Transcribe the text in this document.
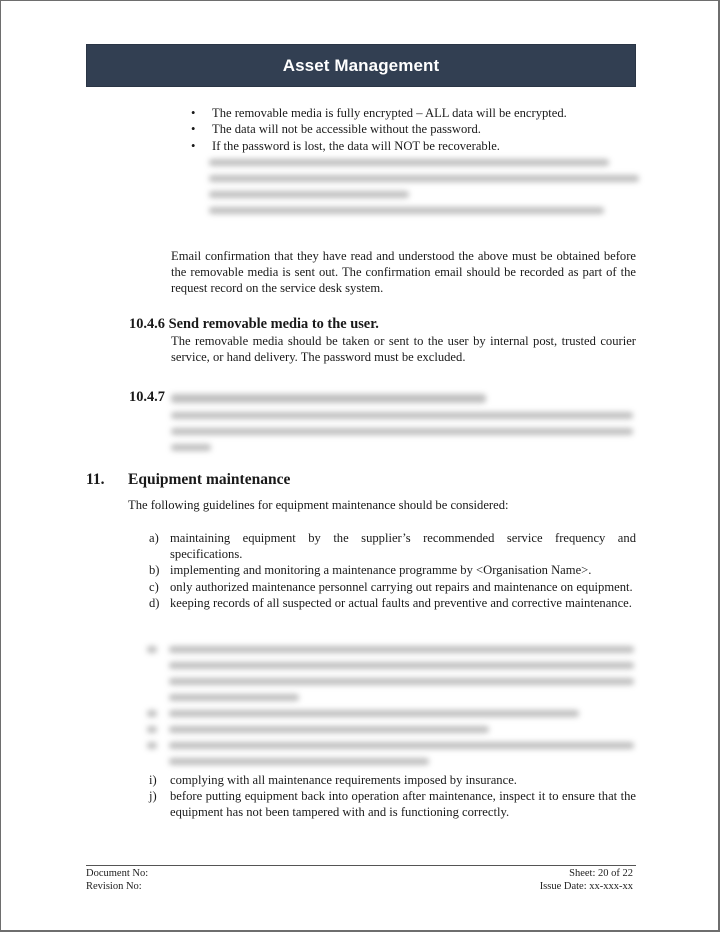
Asset Management
• The removable media is fully encrypted – ALL data will be encrypted.
• The data will not be accessible without the password.
• If the password is lost, the data will NOT be recoverable.
Email confirmation that they have read and understood the above must be obtained before the removable media is sent out. The confirmation email should be recorded as part of the request record on the service desk system.
10.4.6 Send removable media to the user.
The removable media should be taken or sent to the user by internal post, trusted courier service, or hand delivery. The password must be excluded.
10.4.7
11. Equipment maintenance
The following guidelines for equipment maintenance should be considered:
a) maintaining equipment by the supplier’s recommended service frequency and specifications.
b) implementing and monitoring a maintenance programme by <Organisation Name>.
c) only authorized maintenance personnel carrying out repairs and maintenance on equipment.
d) keeping records of all suspected or actual faults and preventive and corrective maintenance.
i) complying with all maintenance requirements imposed by insurance.
j) before putting equipment back into operation after maintenance, inspect it to ensure that the equipment has not been tampered with and is functioning correctly.
Document No:
Revision No:
Sheet: 20 of 22
Issue Date: xx-xxx-xx
